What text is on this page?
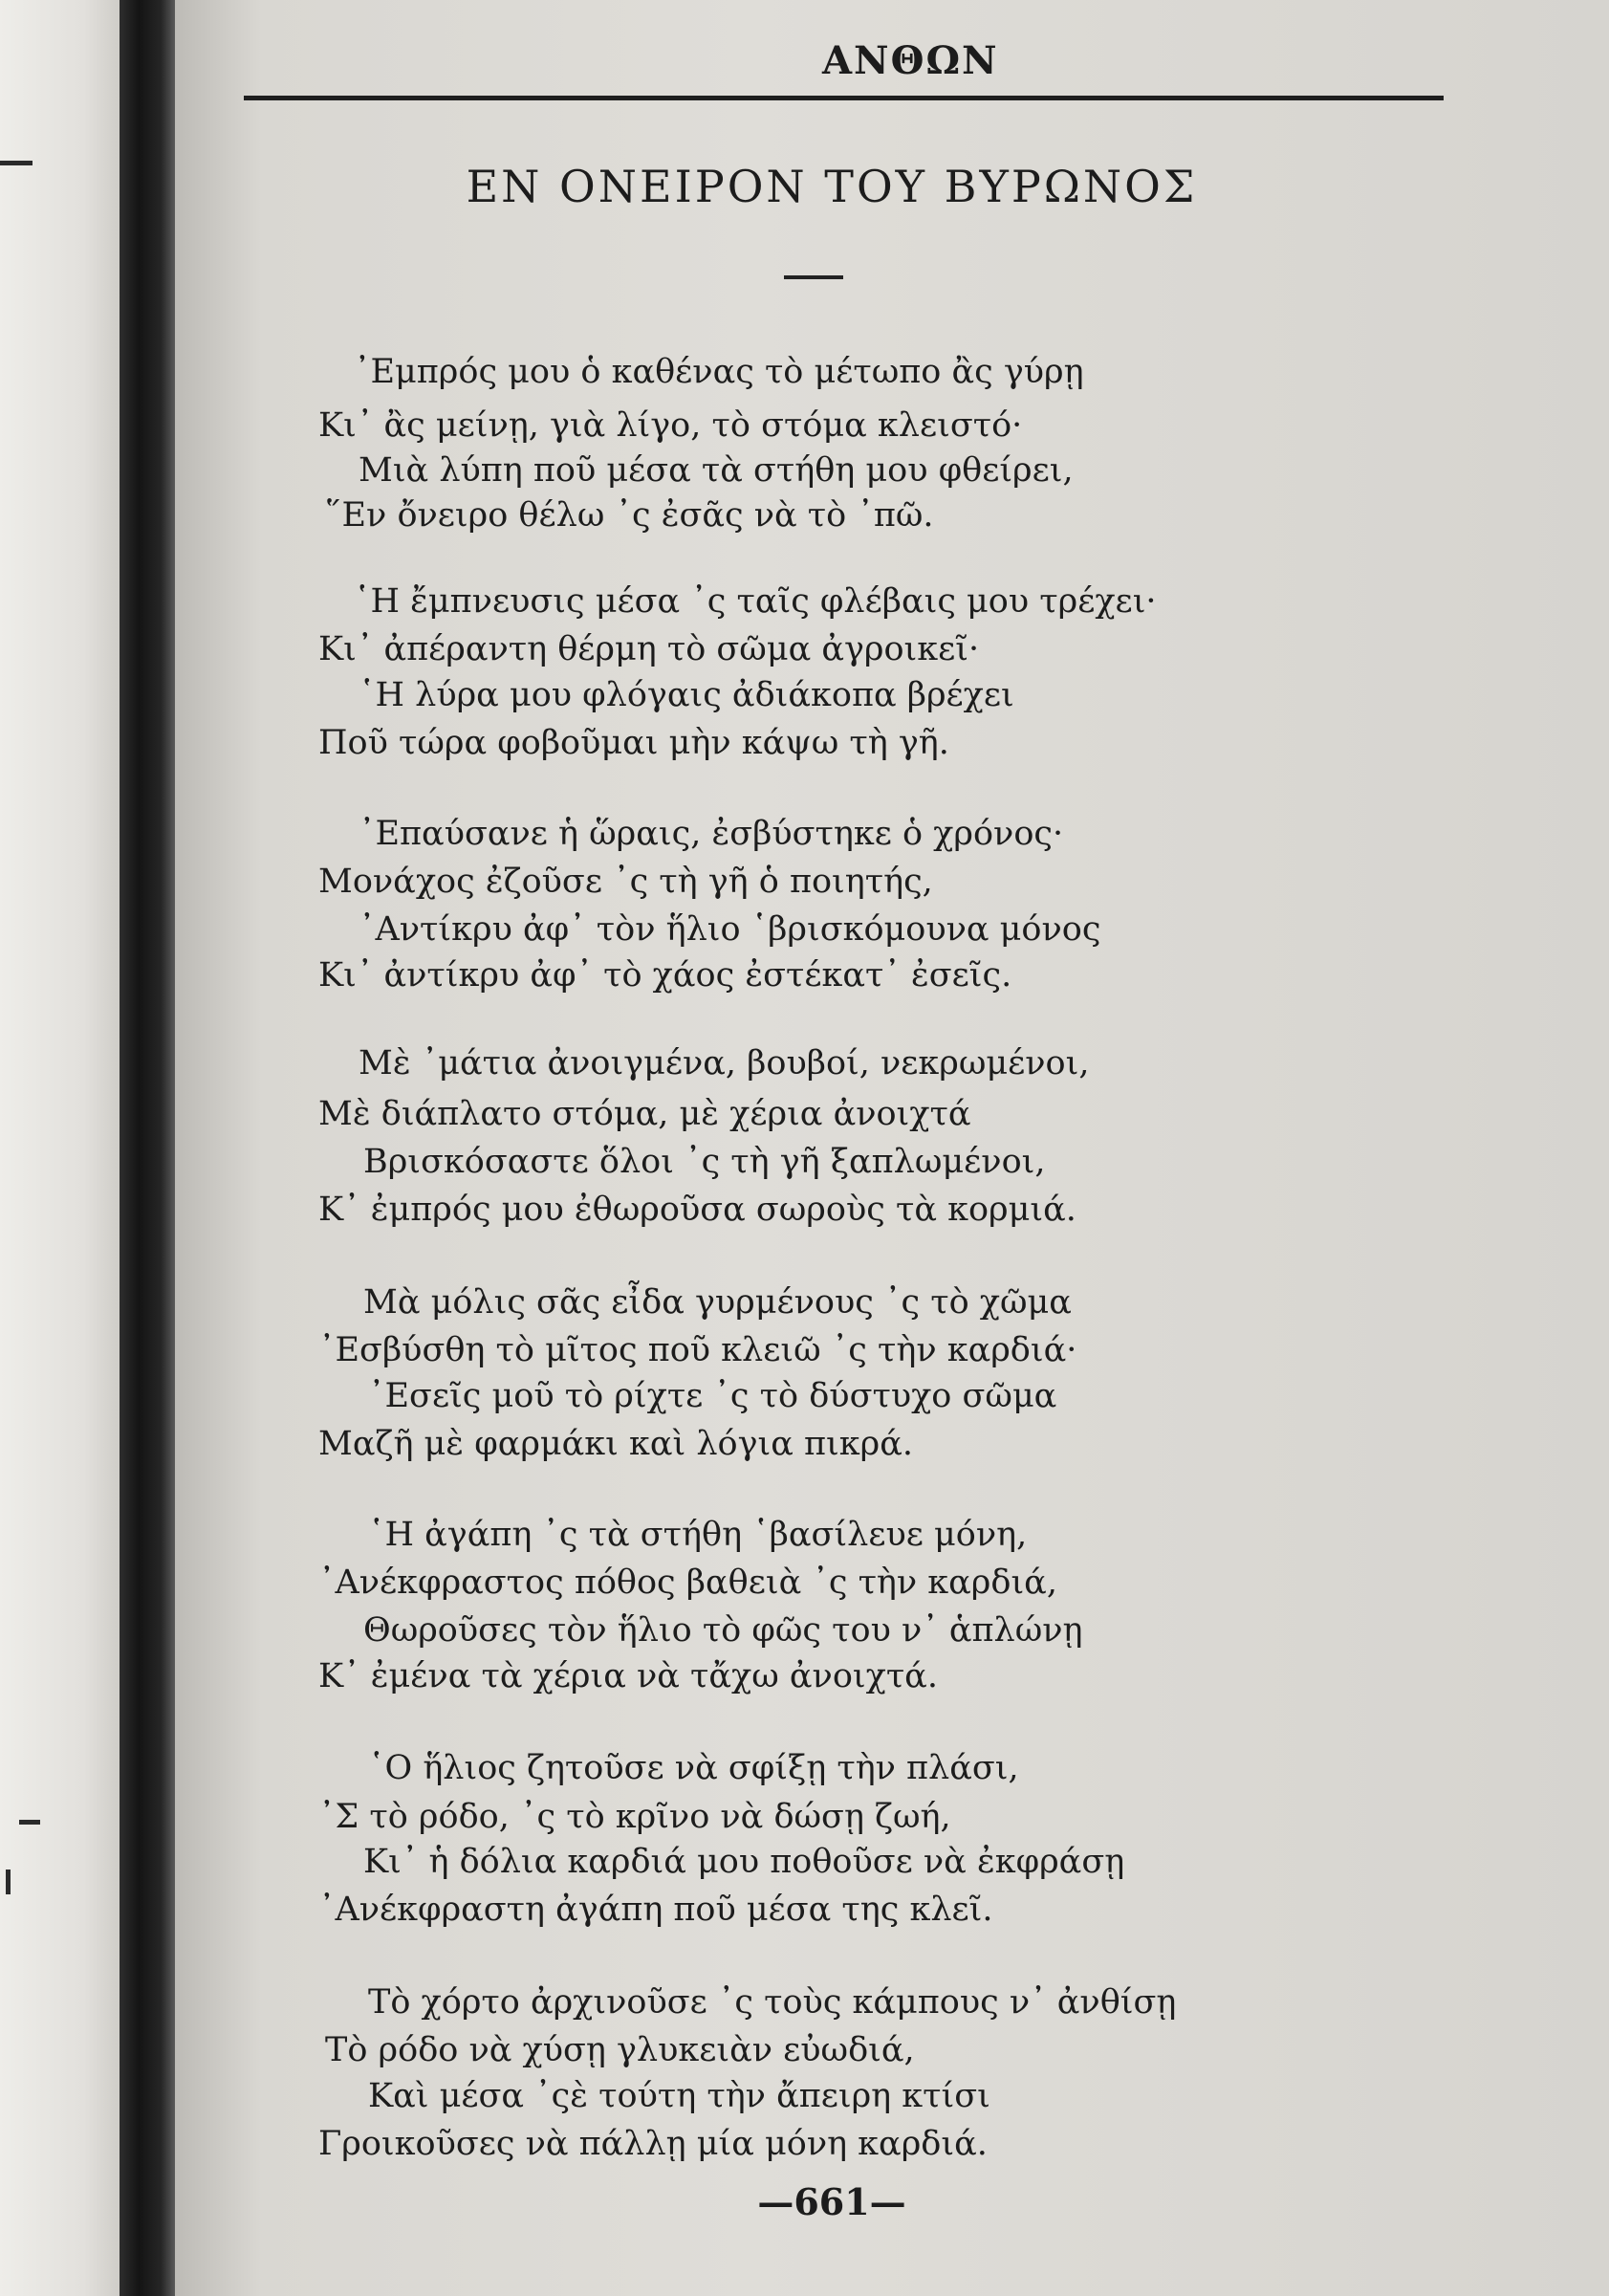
ΑΝΘΩΝ
ΕΝ ΟΝΕΙΡΟΝ ΤΟΥ ΒΥΡΩΝΟΣ
᾿Εμπρός μου ὁ καθένας τὸ μέτωπο ἂς γύρῃ
Κι᾿ ἂς μείνῃ, γιὰ λίγο, τὸ στόμα κλειστό·
Μιὰ λύπη ποῦ μέσα τὰ στήθη μου φθείρει,
῞Εν ὄνειρο θέλω ᾿ς ἐσᾶς νὰ τὸ ᾿πῶ.
῾Η ἔμπνευσις μέσα ᾿ς ταῖς φλέβαις μου τρέχει·
Κι᾿ ἀπέραντη θέρμη τὸ σῶμα ἀγροικεῖ·
῾Η λύρα μου φλόγαις ἀδιάκοπα βρέχει
Ποῦ τώρα φοβοῦμαι μὴν κάψω τὴ γῆ.
᾿Επαύσανε ἡ ὥραις, ἐσβύστηκε ὁ χρόνος·
Μονάχος ἐζοῦσε ᾿ς τὴ γῆ ὁ ποιητής,
᾿Αντίκρυ ἀφ᾿ τὸν ἥλιο ῾βρισκόμουνα μόνος
Κι᾿ ἀντίκρυ ἀφ᾿ τὸ χάος ἐστέκατ᾿ ἐσεῖς.
Μὲ ᾿μάτια ἀνοιγμένα, βουβοί, νεκρωμένοι,
Μὲ διάπλατο στόμα, μὲ χέρια ἀνοιχτά
Βρισκόσαστε ὅλοι ᾿ς τὴ γῆ ξαπλωμένοι,
Κ᾿ ἐμπρός μου ἐθωροῦσα σωροὺς τὰ κορμιά.
Μὰ μόλις σᾶς εἶδα γυρμένους ᾿ς τὸ χῶμα
᾿Εσβύσθη τὸ μῖτος ποῦ κλειῶ ᾿ς τὴν καρδιά·
᾿Εσεῖς μοῦ τὸ ρίχτε ᾿ς τὸ δύστυχο σῶμα
Μαζῆ μὲ φαρμάκι καὶ λόγια πικρά.
῾Η ἀγάπη ᾿ς τὰ στήθη ῾βασίλευε μόνη,
᾿Ανέκφραστος πόθος βαθειὰ ᾿ς τὴν καρδιά,
Θωροῦσες τὸν ἥλιο τὸ φῶς του ν᾿ ἁπλώνῃ
Κ᾿ ἐμένα τὰ χέρια νὰ τἄχω ἀνοιχτά.
῾Ο ἥλιος ζητοῦσε νὰ σφίξῃ τὴν πλάσι,
᾿Σ τὸ ρόδο, ᾿ς τὸ κρῖνο νὰ δώσῃ ζωή,
Κι᾿ ἡ δόλια καρδιά μου ποθοῦσε νὰ ἐκφράσῃ
᾿Ανέκφραστη ἀγάπη ποῦ μέσα της κλεῖ.
Τὸ χόρτο ἀρχινοῦσε ᾿ς τοὺς κάμπους ν᾿ ἀνθίσῃ
Τὸ ρόδο νὰ χύσῃ γλυκειὰν εὐωδιά,
Καὶ μέσα ᾿ςὲ τούτη τὴν ἄπειρη κτίσι
Γροικοῦσες νὰ πάλλῃ μία μόνη καρδιά.
—661—
